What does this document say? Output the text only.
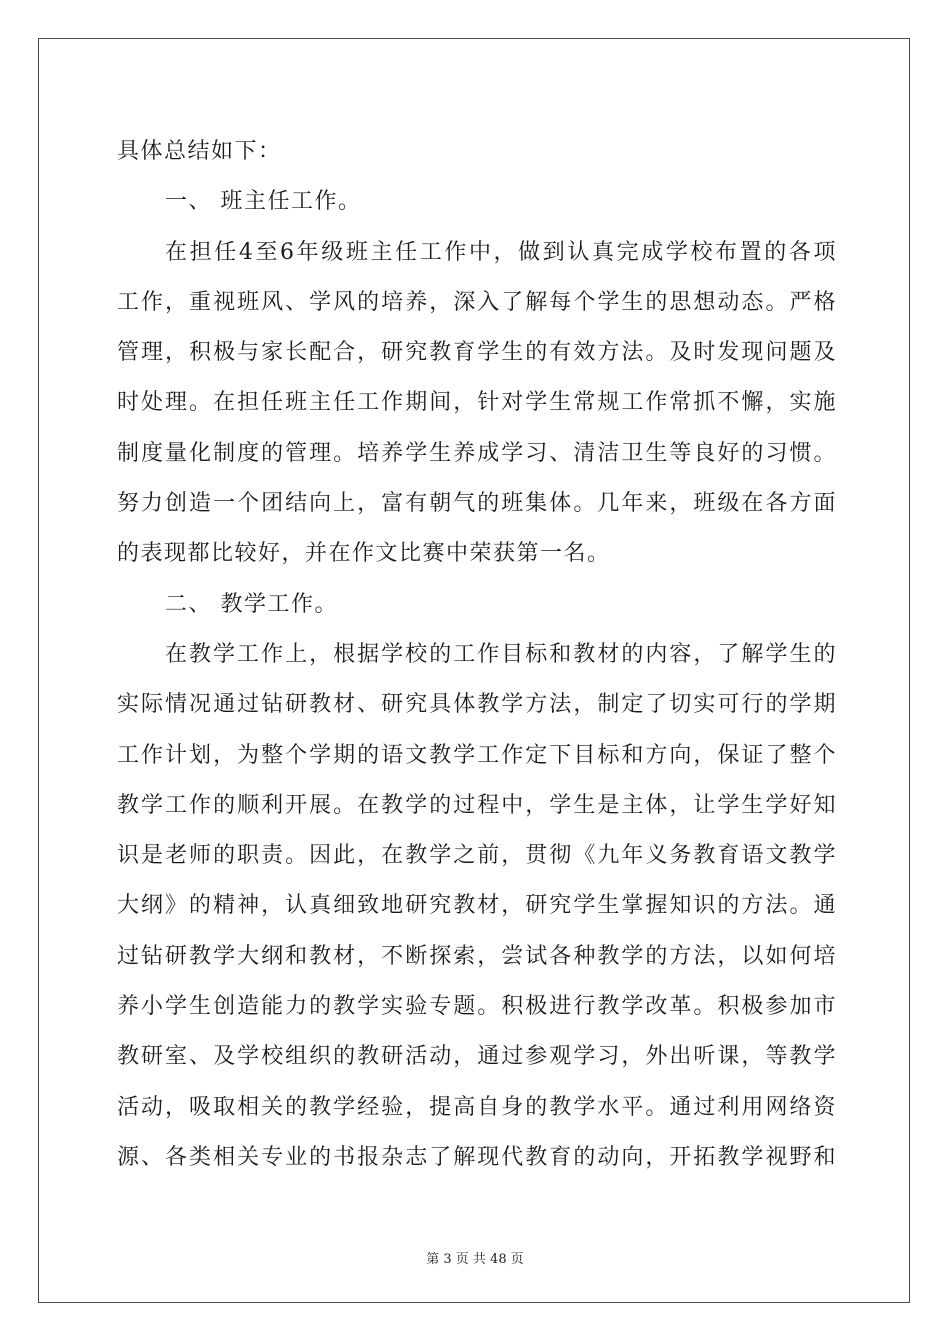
具体总结如下：
一、 班主任工作。
在担任4至6年级班主任工作中，做到认真完成学校布置的各项
工作，重视班风、学风的培养，深入了解每个学生的思想动态。严格
管理，积极与家长配合，研究教育学生的有效方法。及时发现问题及
时处理。在担任班主任工作期间，针对学生常规工作常抓不懈，实施
制度量化制度的管理。培养学生养成学习、清洁卫生等良好的习惯。
努力创造一个团结向上，富有朝气的班集体。几年来，班级在各方面
的表现都比较好，并在作文比赛中荣获第一名。
二、 教学工作。
在教学工作上，根据学校的工作目标和教材的内容，了解学生的
实际情况通过钻研教材、研究具体教学方法，制定了切实可行的学期
工作计划，为整个学期的语文教学工作定下目标和方向，保证了整个
教学工作的顺利开展。在教学的过程中，学生是主体，让学生学好知
识是老师的职责。因此，在教学之前，贯彻《九年义务教育语文教学
大纲》的精神，认真细致地研究教材，研究学生掌握知识的方法。通
过钻研教学大纲和教材，不断探索，尝试各种教学的方法，以如何培
养小学生创造能力的教学实验专题。积极进行教学改革。积极参加市
教研室、及学校组织的教研活动，通过参观学习，外出听课，等教学
活动，吸取相关的教学经验，提高自身的教学水平。通过利用网络资
源、各类相关专业的书报杂志了解现代教育的动向，开拓教学视野和
第 3 页 共 48 页
